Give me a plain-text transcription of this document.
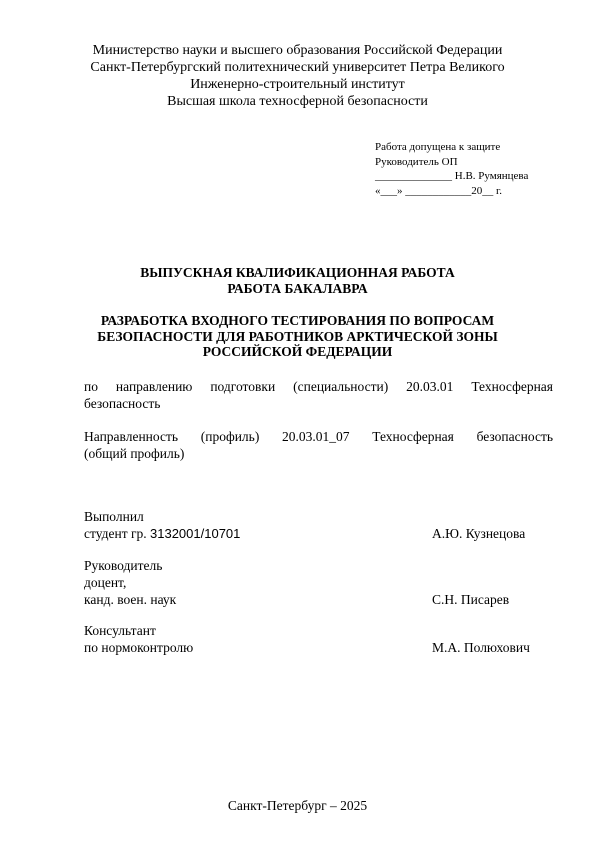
Министерство науки и высшего образования Российской Федерации
Санкт-Петербургский политехнический университет Петра Великого
Инженерно-строительный институт
Высшая школа техносферной безопасности
Работа допущена к защите
Руководитель ОП
______________ Н.В. Румянцева
«___» ____________20__ г.
ВЫПУСКНАЯ КВАЛИФИКАЦИОННАЯ РАБОТА
РАБОТА БАКАЛАВРА
РАЗРАБОТКА ВХОДНОГО ТЕСТИРОВАНИЯ ПО ВОПРОСАМ
БЕЗОПАСНОСТИ ДЛЯ РАБОТНИКОВ АРКТИЧЕСКОЙ ЗОНЫ
РОССИЙСКОЙ ФЕДЕРАЦИИ
по направлению подготовки (специальности) 20.03.01 Техносферная
безопасность
Направленность (профиль) 20.03.01_07 Техносферная безопасность
(общий профиль)
Выполнил
студент гр. 3132001/10701	А.Ю. Кузнецова
Руководитель
доцент,
канд. воен. наук	С.Н. Писарев
Консультант
по нормоконтролю	М.А. Полюхович
Санкт-Петербург – 2025
